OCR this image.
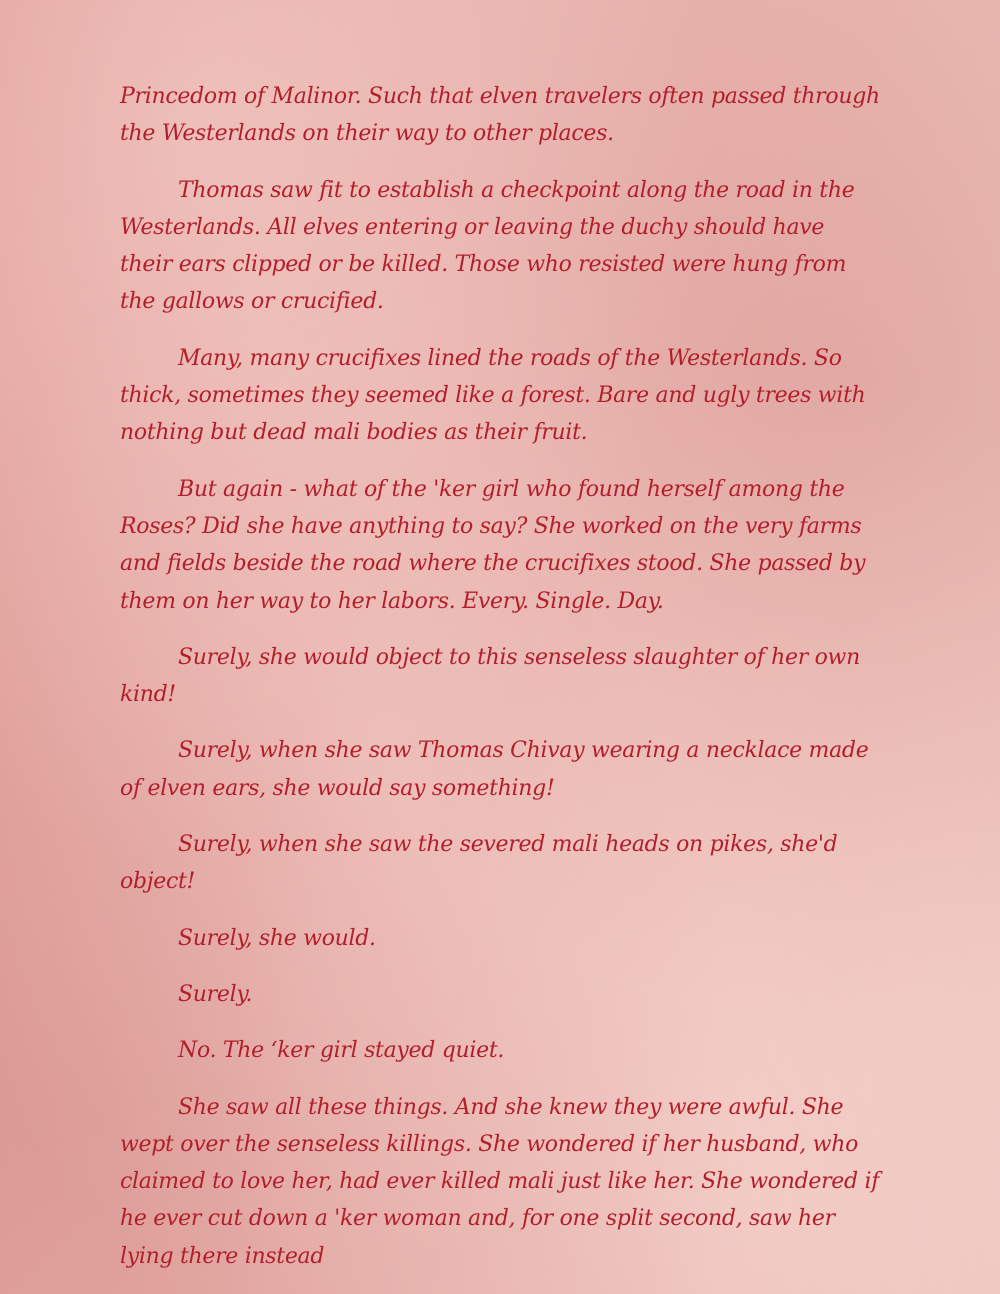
Princedom of Malinor. Such that elven travelers often passed through the Westerlands on their way to other places.

Thomas saw fit to establish a checkpoint along the road in the Westerlands. All elves entering or leaving the duchy should have their ears clipped or be killed. Those who resisted were hung from the gallows or crucified.

Many, many crucifixes lined the roads of the Westerlands. So thick, sometimes they seemed like a forest. Bare and ugly trees with nothing but dead mali bodies as their fruit.

But again - what of the 'ker girl who found herself among the Roses? Did she have anything to say? She worked on the very farms and fields beside the road where the crucifixes stood. She passed by them on her way to her labors. Every. Single. Day.

Surely, she would object to this senseless slaughter of her own kind!

Surely, when she saw Thomas Chivay wearing a necklace made of elven ears, she would say something!

Surely, when she saw the severed mali heads on pikes, she'd object!

Surely, she would.

Surely.

No. The ‘ker girl stayed quiet.

She saw all these things. And she knew they were awful. She wept over the senseless killings. She wondered if her husband, who claimed to love her, had ever killed mali just like her. She wondered if he ever cut down a 'ker woman and, for one split second, saw her lying there instead
